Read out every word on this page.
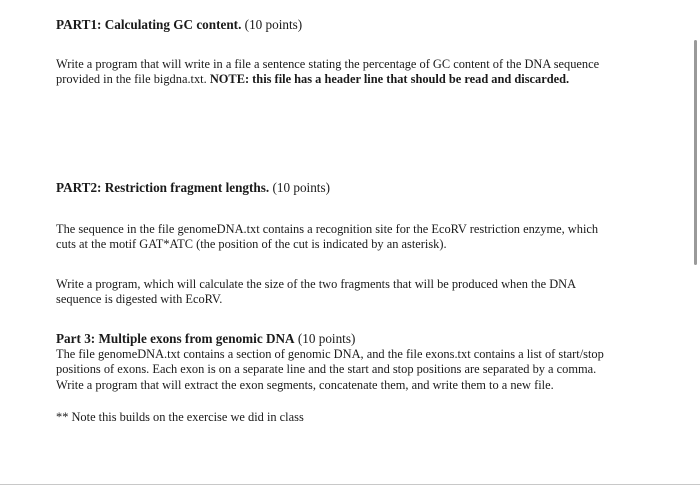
PART1: Calculating GC content. (10 points)
Write a program that will write in a file a sentence stating the percentage of GC content of the DNA sequence provided in the file bigdna.txt. NOTE: this file has a header line that should be read and discarded.
PART2: Restriction fragment lengths. (10 points)
The sequence in the file genomeDNA.txt contains a recognition site for the EcoRV restriction enzyme, which cuts at the motif GAT*ATC (the position of the cut is indicated by an asterisk).
Write a program, which will calculate the size of the two fragments that will be produced when the DNA sequence is digested with EcoRV.
Part 3: Multiple exons from genomic DNA (10 points)
The file genomeDNA.txt contains a section of genomic DNA, and the file exons.txt contains a list of start/stop positions of exons. Each exon is on a separate line and the start and stop positions are separated by a comma. Write a program that will extract the exon segments, concatenate them, and write them to a new file.
** Note this builds on the exercise we did in class
